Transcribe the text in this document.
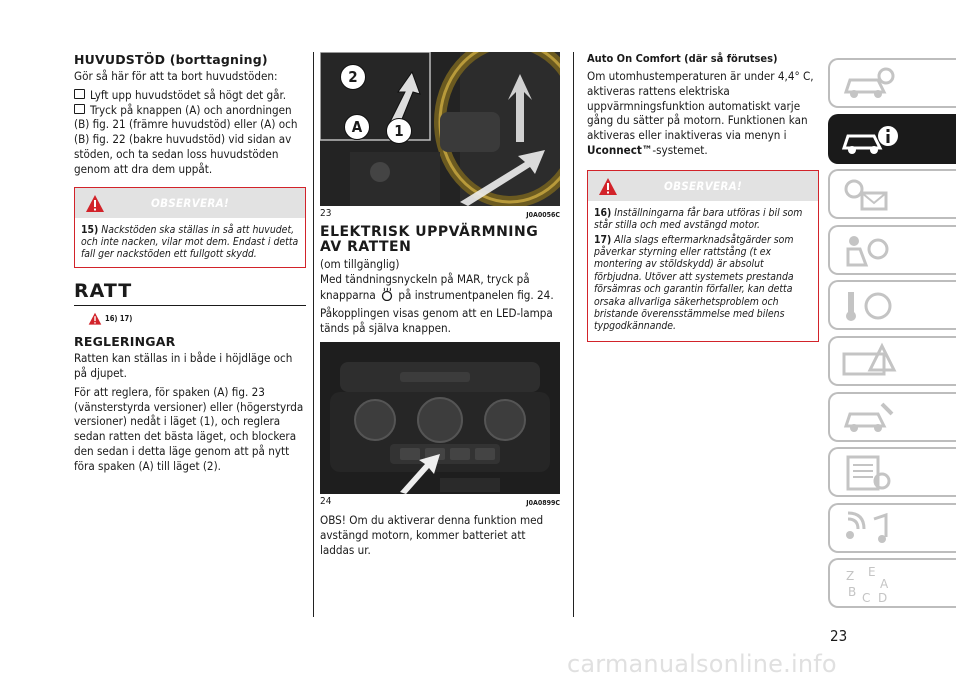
HUVUDSTÖD (borttagning)

Gör så här för att ta bort huvudstöden:

Lyft upp huvudstödet så högt det går.

Tryck på knappen (A) och anordningen (B) fig. 21 (främre huvudstöd) eller (A) och (B) fig. 22 (bakre huvudstöd) vid sidan av stöden, och ta sedan loss huvudstöden genom att dra dem uppåt.

OBSERVERA!
15) Nackstöden ska ställas in så att huvudet, och inte nacken, vilar mot dem. Endast i detta fall ger nackstöden ett fullgott skydd.
RATT
16) 17)
REGLERINGAR

Ratten kan ställas in i både i höjdläge och på djupet.

För att reglera, för spaken (A) fig. 23 (vänsterstyrda versioner) eller (högerstyrda versioner) nedåt i läget (1), och reglera sedan ratten det bästa läget, och blockera den sedan i detta läge genom att på nytt föra spaken (A) till läget (2).

2
A	1
23	J0A0056C
ELEKTRISK UPPVÄRMNING AV RATTEN

(om tillgänglig)

Med tändningsnyckeln på MAR, tryck på knapparna på instrumentpanelen fig. 24.

Påkopplingen visas genom att en LED-lampa tänds på själva knappen.

24	J0A0899C

OBS! Om du aktiverar denna funktion med avstängd motorn, kommer batteriet att laddas ur.

Auto On Comfort (där så förutses)

Om utomhustemperaturen är under 4,4° C, aktiveras rattens elektriska uppvärmningsfunktion automatiskt varje gång du sätter på motorn. Funktionen kan aktiveras eller inaktiveras via menyn i Uconnect™-systemet.

OBSERVERA!
16) Inställningarna får bara utföras i bil som står stilla och med avstängd motor.
17) Alla slags eftermarknadsåtgärder som påverkar styrning eller rattstång (t ex montering av stöldskydd) är absolut förbjudna. Utöver att systemets prestanda försämras och garantin förfaller, kan detta orsaka allvarliga säkerhetsproblem och bristande överensstämmelse med bilens typgodkännande.
Z E
A
B C D
23
carmanualsonline.info
